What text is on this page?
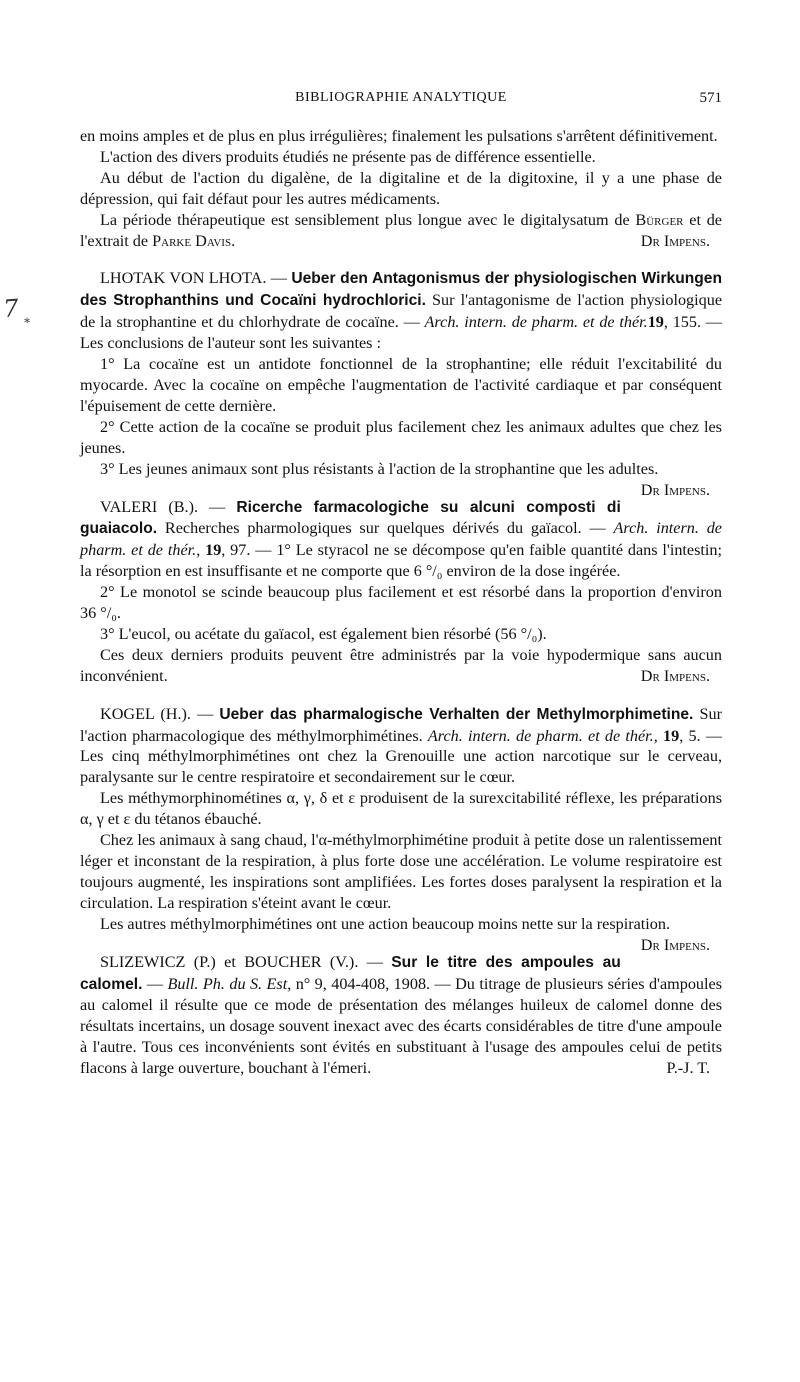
BIBLIOGRAPHIE ANALYTIQUE	571
7 *

en moins amples et de plus en plus irrégulières; finalement les pulsations s'arrêtent définitivement.

L'action des divers produits étudiés ne présente pas de différence essentielle.

Au début de l'action du digalène, de la digitaline et de la digitoxine, il y a une phase de dépression, qui fait défaut pour les autres médicaments.

La période thérapeutique est sensiblement plus longue avec le digitalysatum de Bürger et de l'extrait de Parke Davis.	Dr Impens.

LHOTAK VON LHOTA. — Ueber den Antagonismus der physiologischen Wirkungen des Strophanthins und Cocaïni hydrochlorici. Sur l'antagonisme de l'action physiologique de la strophantine et du chlorhydrate de cocaïne. — Arch. intern. de pharm. et de thér.19, 155. — Les conclusions de l'auteur sont les suivantes :

1° La cocaïne est un antidote fonctionnel de la strophantine; elle réduit l'excitabilité du myocarde. Avec la cocaïne on empêche l'augmentation de l'activité cardiaque et par conséquent l'épuisement de cette dernière.

2° Cette action de la cocaïne se produit plus facilement chez les animaux adultes que chez les jeunes.

3° Les jeunes animaux sont plus résistants à l'action de la strophantine que les adultes.
Dr Impens.

VALERI (B.). — Ricerche farmacologiche su alcuni composti di guaiacolo. Recherches pharmologiques sur quelques dérivés du gaïacol. — Arch. intern. de pharm. et de thér., 19, 97. — 1° Le styracol ne se décompose qu'en faible quantité dans l'intestin; la résorption en est insuffisante et ne comporte que 6 °/₀ environ de la dose ingérée.

2° Le monotol se scinde beaucoup plus facilement et est résorbé dans la proportion d'environ 36 °/₀.

3° L'eucol, ou acétate du gaïacol, est également bien résorbé (56 °/₀).

Ces deux derniers produits peuvent être administrés par la voie hypodermique sans aucun inconvénient.	Dr Impens.

KOGEL (H.). — Ueber das pharmalogische Verhalten der Methylmorphimetine. Sur l'action pharmacologique des méthylmorphimétines. Arch. intern. de pharm. et de thér., 19, 5. — Les cinq méthylmorphimétines ont chez la Grenouille une action narcotique sur le cerveau, paralysante sur le centre respiratoire et secondairement sur le cœur.

Les méthymorphinométines α, γ, δ et ε produisent de la surexcitabilité réflexe, les préparations α, γ et ε du tétanos ébauché.

Chez les animaux à sang chaud, l'α-méthylmorphimétine produit à petite dose un ralentissement léger et inconstant de la respiration, à plus forte dose une accélération. Le volume respiratoire est toujours augmenté, les inspirations sont amplifiées. Les fortes doses paralysent la respiration et la circulation. La respiration s'éteint avant le cœur.

Les autres méthylmorphimétines ont une action beaucoup moins nette sur la respiration.
Dr Impens.

SLIZEWICZ (P.) et BOUCHER (V.). — Sur le titre des ampoules au calomel. — Bull. Ph. du S. Est, n° 9, 404-408, 1908. — Du titrage de plusieurs séries d'ampoules au calomel il résulte que ce mode de présentation des mélanges huileux de calomel donne des résultats incertains, un dosage souvent inexact avec des écarts considérables de titre d'une ampoule à l'autre. Tous ces inconvénients sont évités en substituant à l'usage des ampoules celui de petits flacons à large ouverture, bouchant à l'émeri.	P.-J. T.
